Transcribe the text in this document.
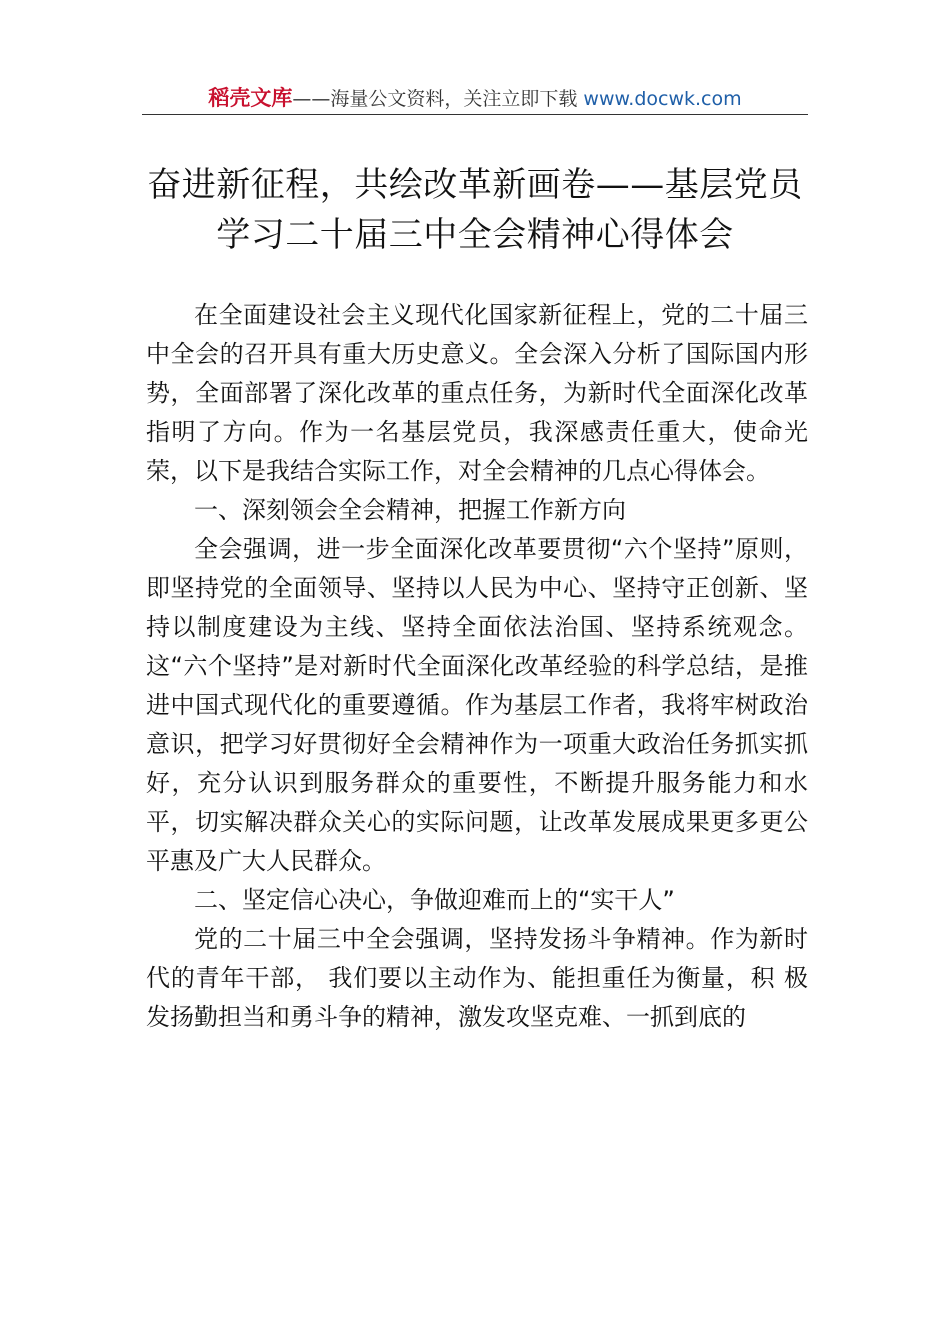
稻壳文库——海量公文资料，关注立即下载 www.docwk.com
奋进新征程，共绘改革新画卷——基层党员学习二十届三中全会精神心得体会

在全面建设社会主义现代化国家新征程上，党的二十届三中全会的召开具有重大历史意义。全会深入分析了国际国内形势，全面部署了深化改革的重点任务，为新时代全面深化改革指明了方向。作为一名基层党员，我深感责任重大，使命光荣，以下是我结合实际工作，对全会精神的几点心得体会。

一、深刻领会全会精神，把握工作新方向

全会强调，进一步全面深化改革要贯彻“六个坚持”原则，即坚持党的全面领导、坚持以人民为中心、坚持守正创新、坚持以制度建设为主线、坚持全面依法治国、坚持系统观念。这“六个坚持”是对新时代全面深化改革经验的科学总结，是推进中国式现代化的重要遵循。作为基层工作者，我将牢树政治意识，把学习好贯彻好全会精神作为一项重大政治任务抓实抓好，充分认识到服务群众的重要性，不断提升服务能力和水平，切实解决群众关心的实际问题，让改革发展成果更多更公平惠及广大人民群众。

二、坚定信心决心，争做迎难而上的“实干人”

党的二十届三中全会强调，坚持发扬斗争精神。作为新时代的青年干部， 我们要以主动作为、能担重任为衡量，积 极发扬勤担当和勇斗争的精神，激发攻坚克难、一抓到底的
